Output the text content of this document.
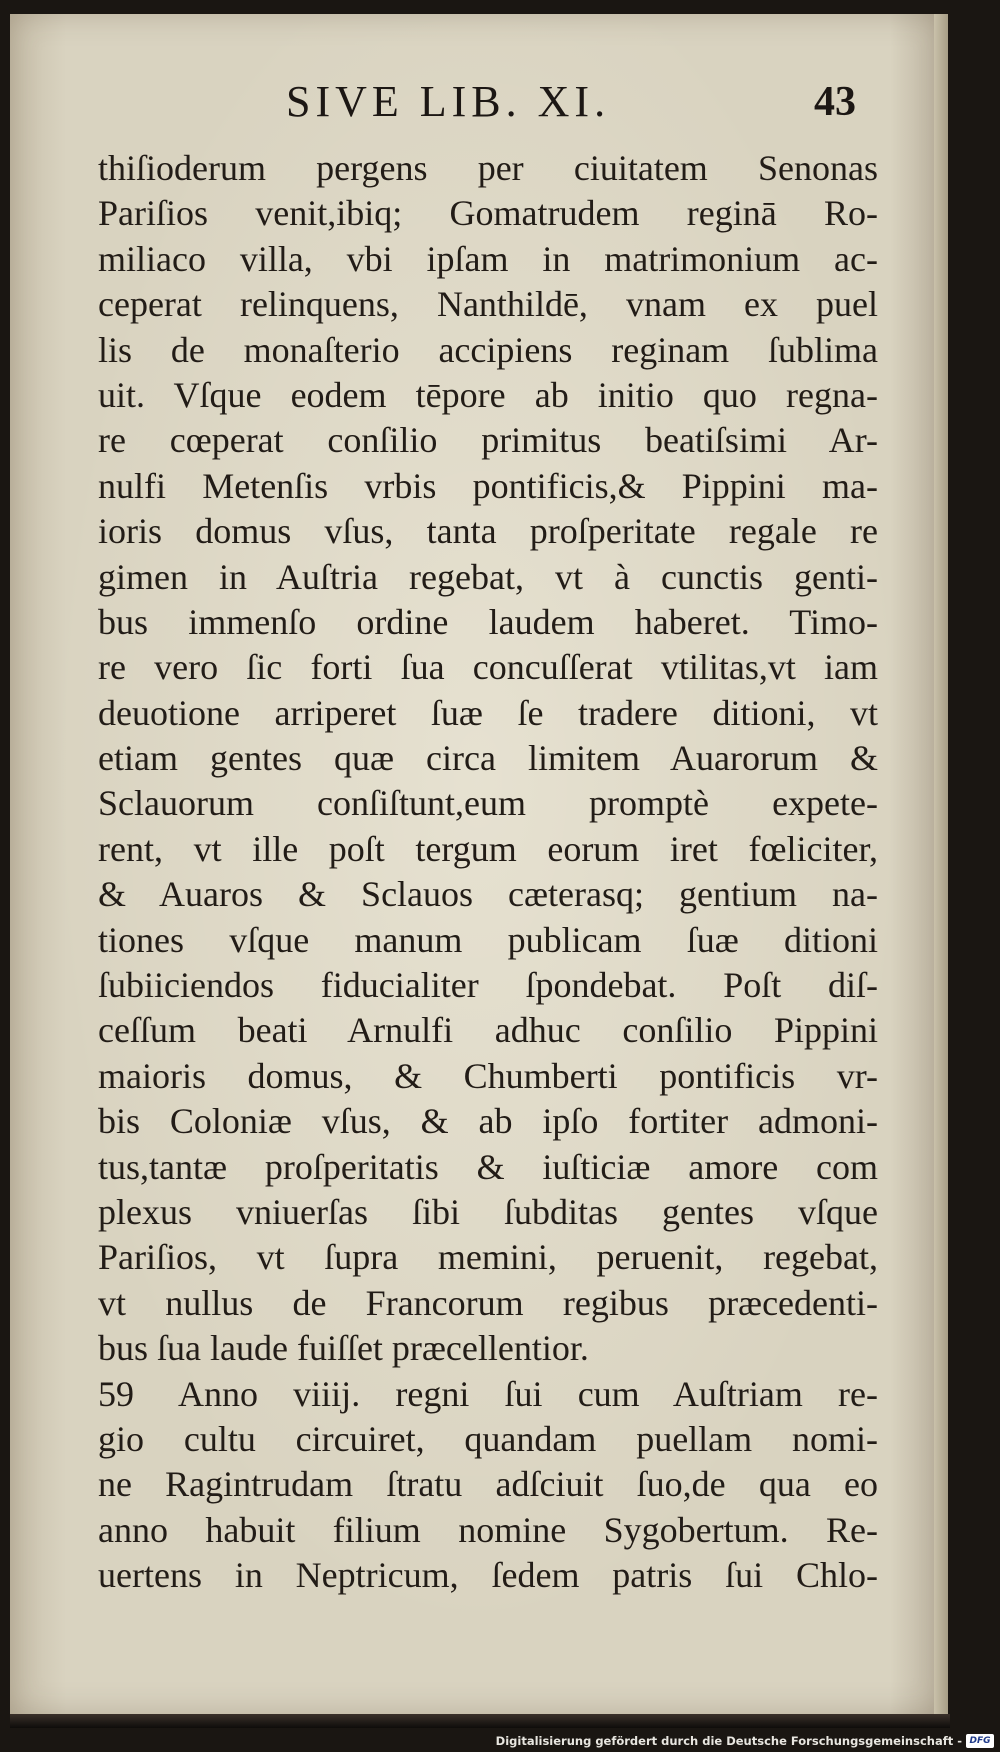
SIVE LIB. XI.	43
thiſioderum pergens per ciuitatem Senonas
Pariſios venit,ibiq; Gomatrudem reginā Ro-
miliaco villa, vbi ipſam in matrimonium ac-
ceperat relinquens, Nanthildē, vnam ex puel
lis de monaſterio accipiens reginam ſublima
uit. Vſque eodem tēpore ab initio quo regna-
re cœperat conſilio primitus beatiſsimi Ar-
nulfi Metenſis vrbis pontificis,& Pippini ma-
ioris domus vſus, tanta proſperitate regale re
gimen in Auſtria regebat, vt à cunctis genti-
bus immenſo ordine laudem haberet. Timo-
re vero ſic forti ſua concuſſerat vtilitas,vt iam
deuotione arriperet ſuæ ſe tradere ditioni, vt
etiam gentes quæ circa limitem Auarorum &
Sclauorum conſiſtunt,eum promptè expete-
rent, vt ille poſt tergum eorum iret fœliciter,
& Auaros & Sclauos cæterasq; gentium na-
tiones vſque manum publicam ſuæ ditioni
ſubiiciendos fiducialiter ſpondebat. Poſt diſ-
ceſſum beati Arnulfi adhuc conſilio Pippini
maioris domus, & Chumberti pontificis vr-
bis Coloniæ vſus, & ab ipſo fortiter admoni-
tus,tantæ proſperitatis & iuſticiæ amore com
plexus vniuerſas ſibi ſubditas gentes vſque
Pariſios, vt ſupra memini, peruenit, regebat,
vt nullus de Francorum regibus præcedenti-
bus ſua laude fuiſſet præcellentior.
59 Anno viiij. regni ſui cum Auſtriam re-
gio cultu circuiret, quandam puellam nomi-
ne Ragintrudam ſtratu adſciuit ſuo,de qua eo
anno habuit filium nomine Sygobertum. Re-
uertens in Neptricum, ſedem patris ſui Chlo-
Digitalisierung gefördert durch die Deutsche Forschungsgemeinschaft - DFG
